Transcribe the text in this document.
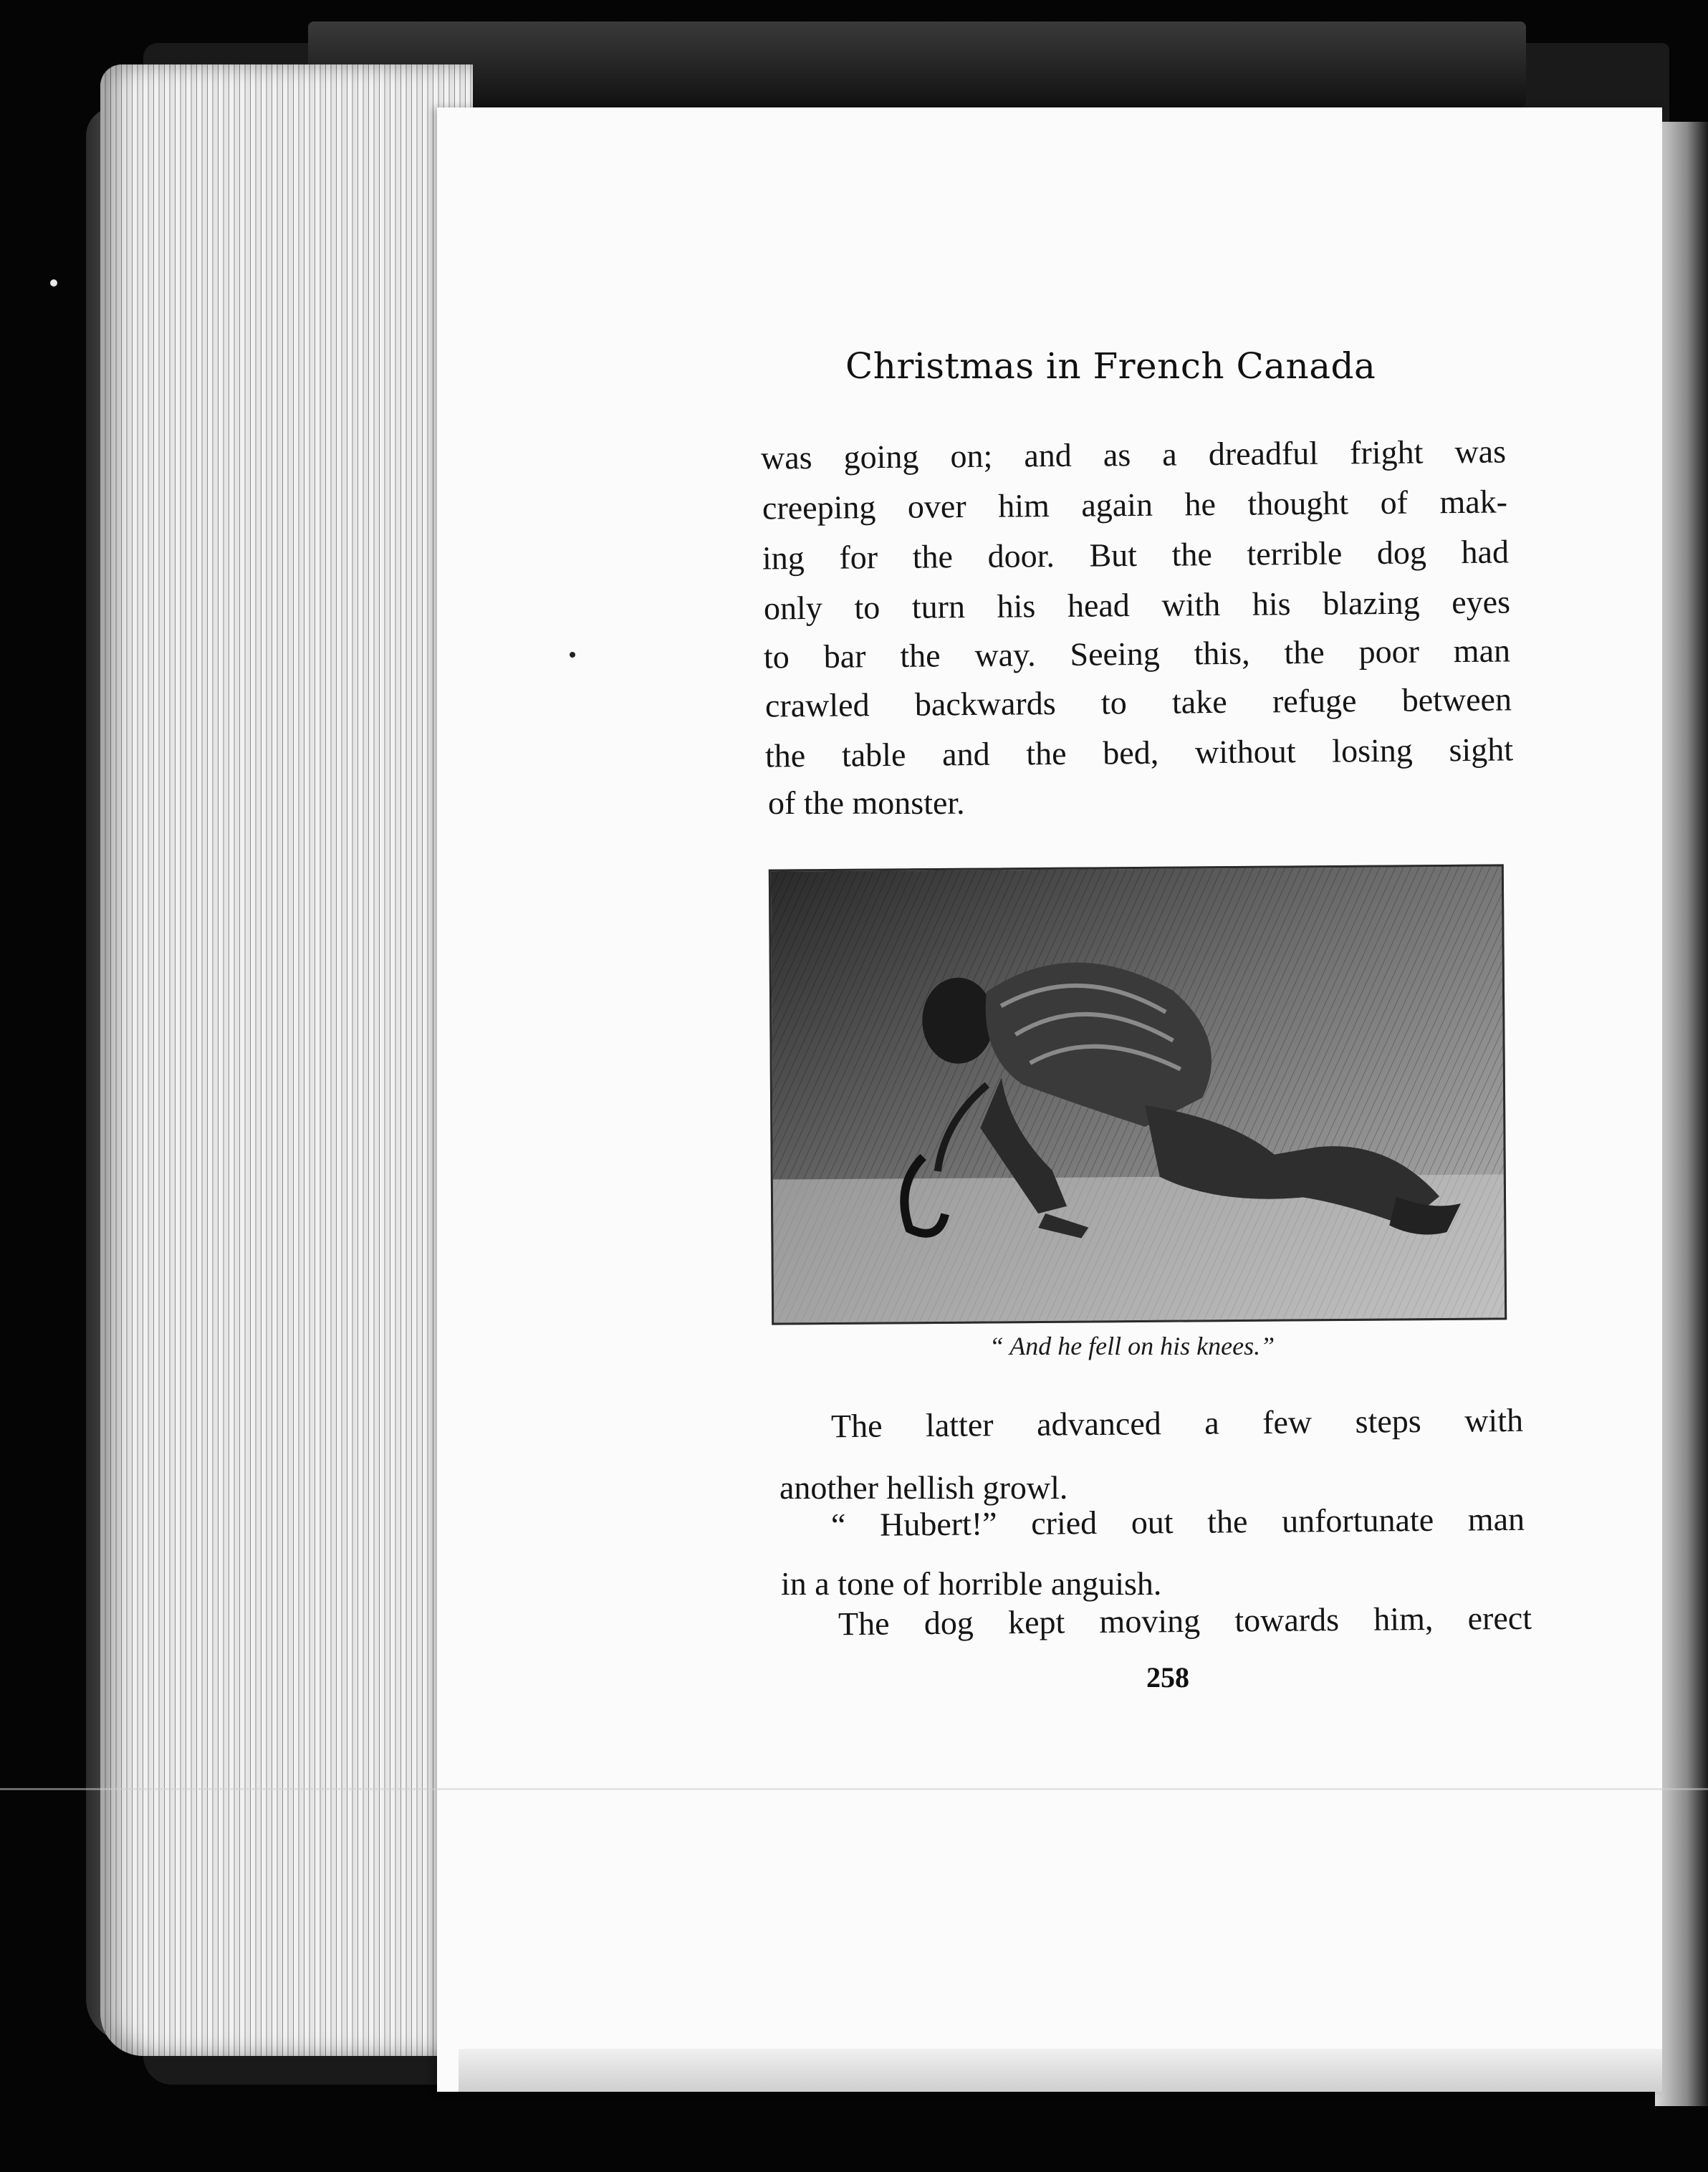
Christmas in French Canada
was going on; and as a dreadful fright was
creeping over him again he thought of mak-
ing for the door. But the terrible dog had
only to turn his head with his blazing eyes
to bar the way. Seeing this, the poor man
crawled backwards to take refuge between
the table and the bed, without losing sight
of the monster.
“ And he fell on his knees.”
The latter advanced a few steps with
another hellish growl.
“ Hubert!” cried out the unfortunate man
in a tone of horrible anguish.
The dog kept moving towards him, erect
258
